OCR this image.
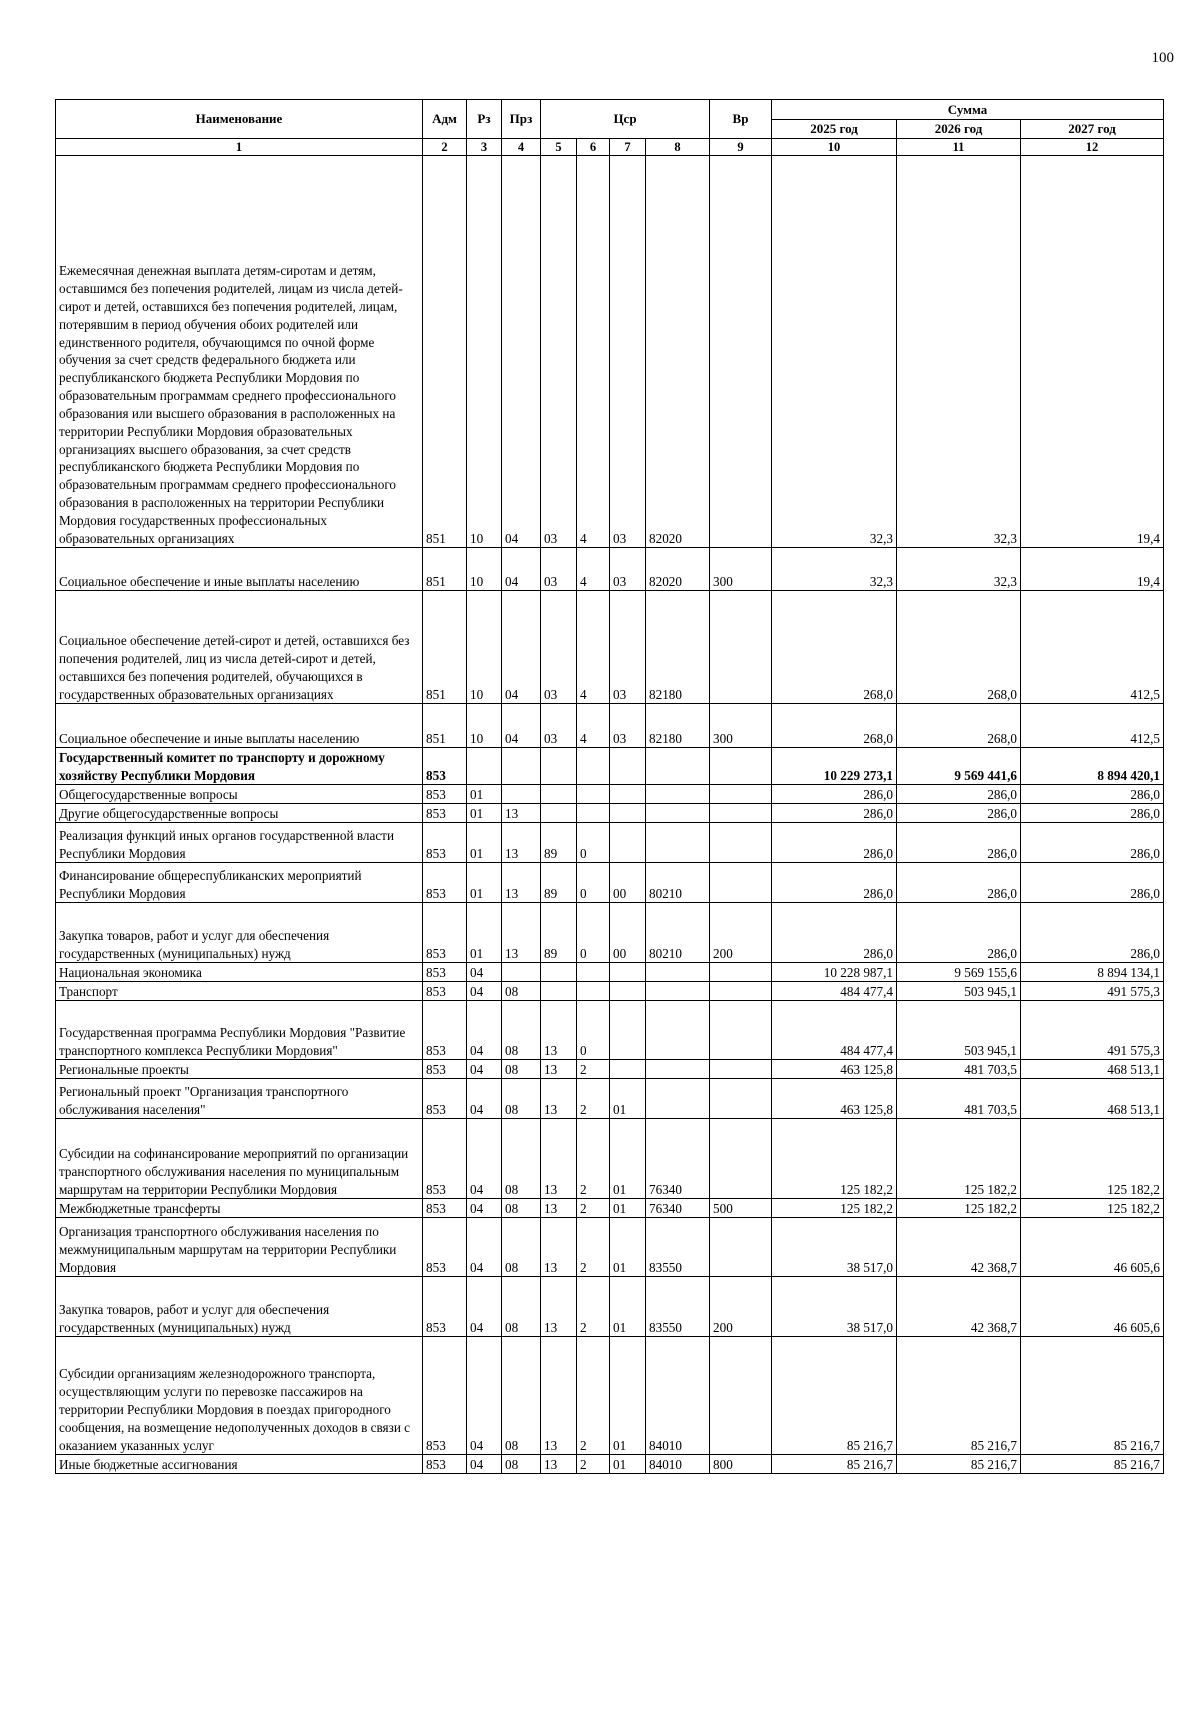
100
Наименование	Адм	Рз	Прз	Цср				Вр	Сумма		
									2025 год	2026 год	2027 год
1	2	3	4	5	6	7	8	9	10	11	12
Ежемесячная денежная выплата детям-сиротам и детям, оставшимся без попечения родителей, лицам из числа детей-сирот и детей, оставшихся без попечения родителей, лицам, потерявшим в период обучения обоих родителей или единственного родителя, обучающимся по очной форме обучения за счет средств федерального бюджета или республиканского бюджета Республики Мордовия по образовательным программам среднего профессионального образования или высшего образования в расположенных на территории Республики Мордовия образовательных организациях высшего образования, за счет средств республиканского бюджета Республики Мордовия по образовательным программам среднего профессионального образования в расположенных на территории Республики Мордовия государственных профессиональных образовательных организациях	851	10	04	03	4	03	82020		32,3	32,3	19,4
Социальное обеспечение и иные выплаты населению	851	10	04	03	4	03	82020	300	32,3	32,3	19,4
Социальное обеспечение детей-сирот и детей, оставшихся без попечения родителей, лиц из числа детей-сирот и детей, оставшихся без попечения родителей, обучающихся в государственных образовательных организациях	851	10	04	03	4	03	82180		268,0	268,0	412,5
Социальное обеспечение и иные выплаты населению	851	10	04	03	4	03	82180	300	268,0	268,0	412,5
Государственный комитет по транспорту и дорожному хозяйству Республики Мордовия	853								10 229 273,1	9 569 441,6	8 894 420,1
Общегосударственные вопросы	853	01							286,0	286,0	286,0
Другие общегосударственные вопросы	853	01	13						286,0	286,0	286,0
Реализация функций иных органов государственной власти Республики Мордовия	853	01	13	89	0				286,0	286,0	286,0
Финансирование общереспубликанских мероприятий Республики Мордовия	853	01	13	89	0	00	80210		286,0	286,0	286,0
Закупка товаров, работ и услуг для обеспечения государственных (муниципальных) нужд	853	01	13	89	0	00	80210	200	286,0	286,0	286,0
Национальная экономика	853	04							10 228 987,1	9 569 155,6	8 894 134,1
Транспорт	853	04	08						484 477,4	503 945,1	491 575,3
Государственная программа Республики Мордовия "Развитие транспортного комплекса Республики Мордовия"	853	04	08	13	0				484 477,4	503 945,1	491 575,3
Региональные проекты	853	04	08	13	2				463 125,8	481 703,5	468 513,1
Региональный проект "Организация транспортного обслуживания населения"	853	04	08	13	2	01			463 125,8	481 703,5	468 513,1
Субсидии на софинансирование мероприятий по организации транспортного обслуживания населения по муниципальным маршрутам на территории Республики Мордовия	853	04	08	13	2	01	76340		125 182,2	125 182,2	125 182,2
Межбюджетные трансферты	853	04	08	13	2	01	76340	500	125 182,2	125 182,2	125 182,2
Организация транспортного обслуживания населения по межмуниципальным маршрутам на территории Республики Мордовия	853	04	08	13	2	01	83550		38 517,0	42 368,7	46 605,6
Закупка товаров, работ и услуг для обеспечения государственных (муниципальных) нужд	853	04	08	13	2	01	83550	200	38 517,0	42 368,7	46 605,6
Субсидии организациям железнодорожного транспорта, осуществляющим услуги по перевозке пассажиров на территории Республики Мордовия в поездах пригородного сообщения, на возмещение недополученных доходов в связи с оказанием указанных услуг	853	04	08	13	2	01	84010		85 216,7	85 216,7	85 216,7
Иные бюджетные ассигнования	853	04	08	13	2	01	84010	800	85 216,7	85 216,7	85 216,7
